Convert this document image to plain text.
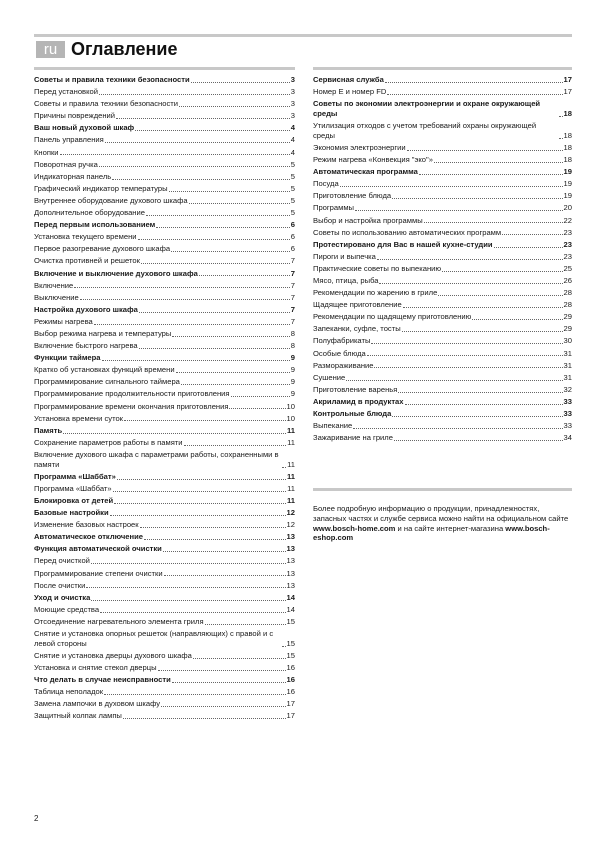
ru Оглавление
Советы и правила техники безопасности	3
Перед установкой	3
Советы и правила техники безопасности	3
Причины повреждений	3
Ваш новый духовой шкаф	4
Панель управления	4
Кнопки	4
Поворотная ручка	5
Индикаторная панель	5
Графический индикатор температуры	5
Внутреннее оборудование духового шкафа	5
Дополнительное оборудование	5
Перед первым использованием	6
Установка текущего времени	6
Первое разогревание духового шкафа	6
Очистка противней и решеток	7
Включение и выключение духового шкафа	7
Включение	7
Выключение	7
Настройка духового шкафа	7
Режимы нагрева	7
Выбор режима нагрева и температуры	8
Включение быстрого нагрева	8
Функции таймера	9
Кратко об установках функций времени	9
Программирование сигнального таймера	9
Программирование продолжительности приготовления	9
Программирование времени окончания приготовления	10
Установка времени суток	10
Память	11
Сохранение параметров работы в памяти	11
Включение духового шкафа с параметрами работы, сохраненными в памяти	11
Программа «Шаббат»	11
Программа «Шаббат»	11
Блокировка от детей	11
Базовые настройки	12
Изменение базовых настроек	12
Автоматическое отключение	13
Функция автоматической очистки	13
Перед очисткой	13
Программирование степени очистки	13
После очистки	13
Уход и очистка	14
Моющие средства	14
Отсоединение нагревательного элемента гриля	15
Снятие и установка опорных решеток (направляющих) с правой и с левой стороны	15
Снятие и установка дверцы духового шкафа	15
Установка и снятие стекол дверцы	16
Что делать в случае неисправности	16
Таблица неполадок	16
Замена лампочки в духовом шкафу	17
Защитный колпак лампы	17
Сервисная служба	17
Номер E и номер FD	17
Советы по экономии электроэнергии и охране окружающей среды	18
Утилизация отходов с учетом требований охраны окружающей среды	18
Экономия электроэнергии	18
Режим нагрева «Конвекция "эко"»	18
Автоматическая программа	19
Посуда	19
Приготовление блюда	19
Программы	20
Выбор и настройка программы	22
Советы по использованию автоматических программ	23
Протестировано для Вас в нашей кухне-студии	23
Пироги и выпечка	23
Практические советы по выпеканию	25
Мясо, птица, рыба	26
Рекомендации по жарению в гриле	28
Щадящее приготовление	28
Рекомендации по щадящему приготовлению	29
Запеканки, суфле, тосты	29
Полуфабрикаты	30
Особые блюда	31
Размораживание	31
Сушение	31
Приготовление варенья	32
Акриламид в продуктах	33
Контрольные блюда	33
Выпекание	33
Зажаривание на гриле	34
Более подробную информацию о продукции, принадлежностях, запасных частях и службе сервиса можно найти на официальном сайте www.bosch-home.com и на сайте интернет-магазина www.bosch-eshop.com
2
